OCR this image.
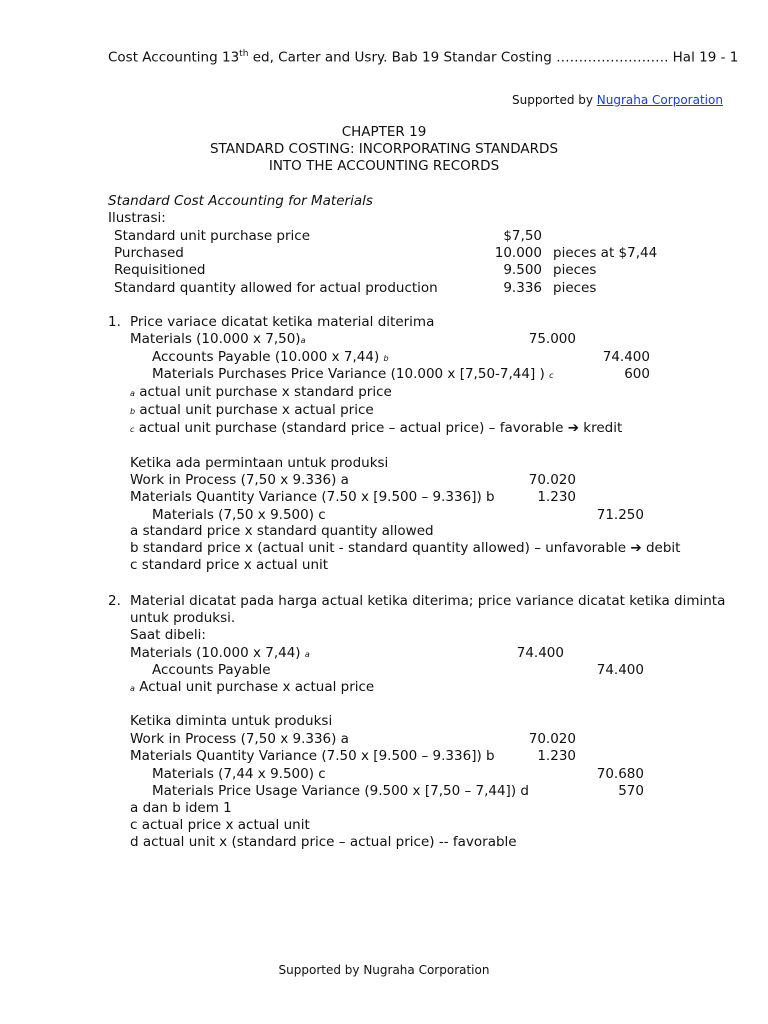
Cost Accounting 13th ed, Carter and Usry. Bab 19 Standar Costing ……………………. Hal 19 - 1
Supported by Nugraha Corporation
CHAPTER 19
STANDARD COSTING: INCORPORATING STANDARDS
INTO THE ACCOUNTING RECORDS
Standard Cost Accounting for Materials
Ilustrasi:
Standard unit purchase price	$7,50
Purchased	10.000 pieces at $7,44
Requisitioned	9.500 pieces
Standard quantity allowed for actual production	9.336 pieces
1. Price variace dicatat ketika material diterima
Materials (10.000 x 7,50)a	75.000
Accounts Payable (10.000 x 7,44) b	74.400
Materials Purchases Price Variance (10.000 x [7,50-7,44] ) c	600
a actual unit purchase x standard price
b actual unit purchase x actual price
c actual unit purchase (standard price – actual price) – favorable ➔ kredit
Ketika ada permintaan untuk produksi
Work in Process (7,50 x 9.336) a	70.020
Materials Quantity Variance (7.50 x [9.500 – 9.336]) b	1.230
Materials (7,50 x 9.500) c	71.250
a standard price x standard quantity allowed
b standard price x (actual unit - standard quantity allowed) – unfavorable ➔ debit
c standard price x actual unit
2. Material dicatat pada harga actual ketika diterima; price variance dicatat ketika diminta
untuk produksi.
Saat dibeli:
Materials (10.000 x 7,44) a	74.400
Accounts Payable	74.400
a Actual unit purchase x actual price
Ketika diminta untuk produksi
Work in Process (7,50 x 9.336) a	70.020
Materials Quantity Variance (7.50 x [9.500 – 9.336]) b	1.230
Materials (7,44 x 9.500) c	70.680
Materials Price Usage Variance (9.500 x [7,50 – 7,44]) d	570
a dan b idem 1
c actual price x actual unit
d actual unit x (standard price – actual price) -- favorable
Supported by Nugraha Corporation
